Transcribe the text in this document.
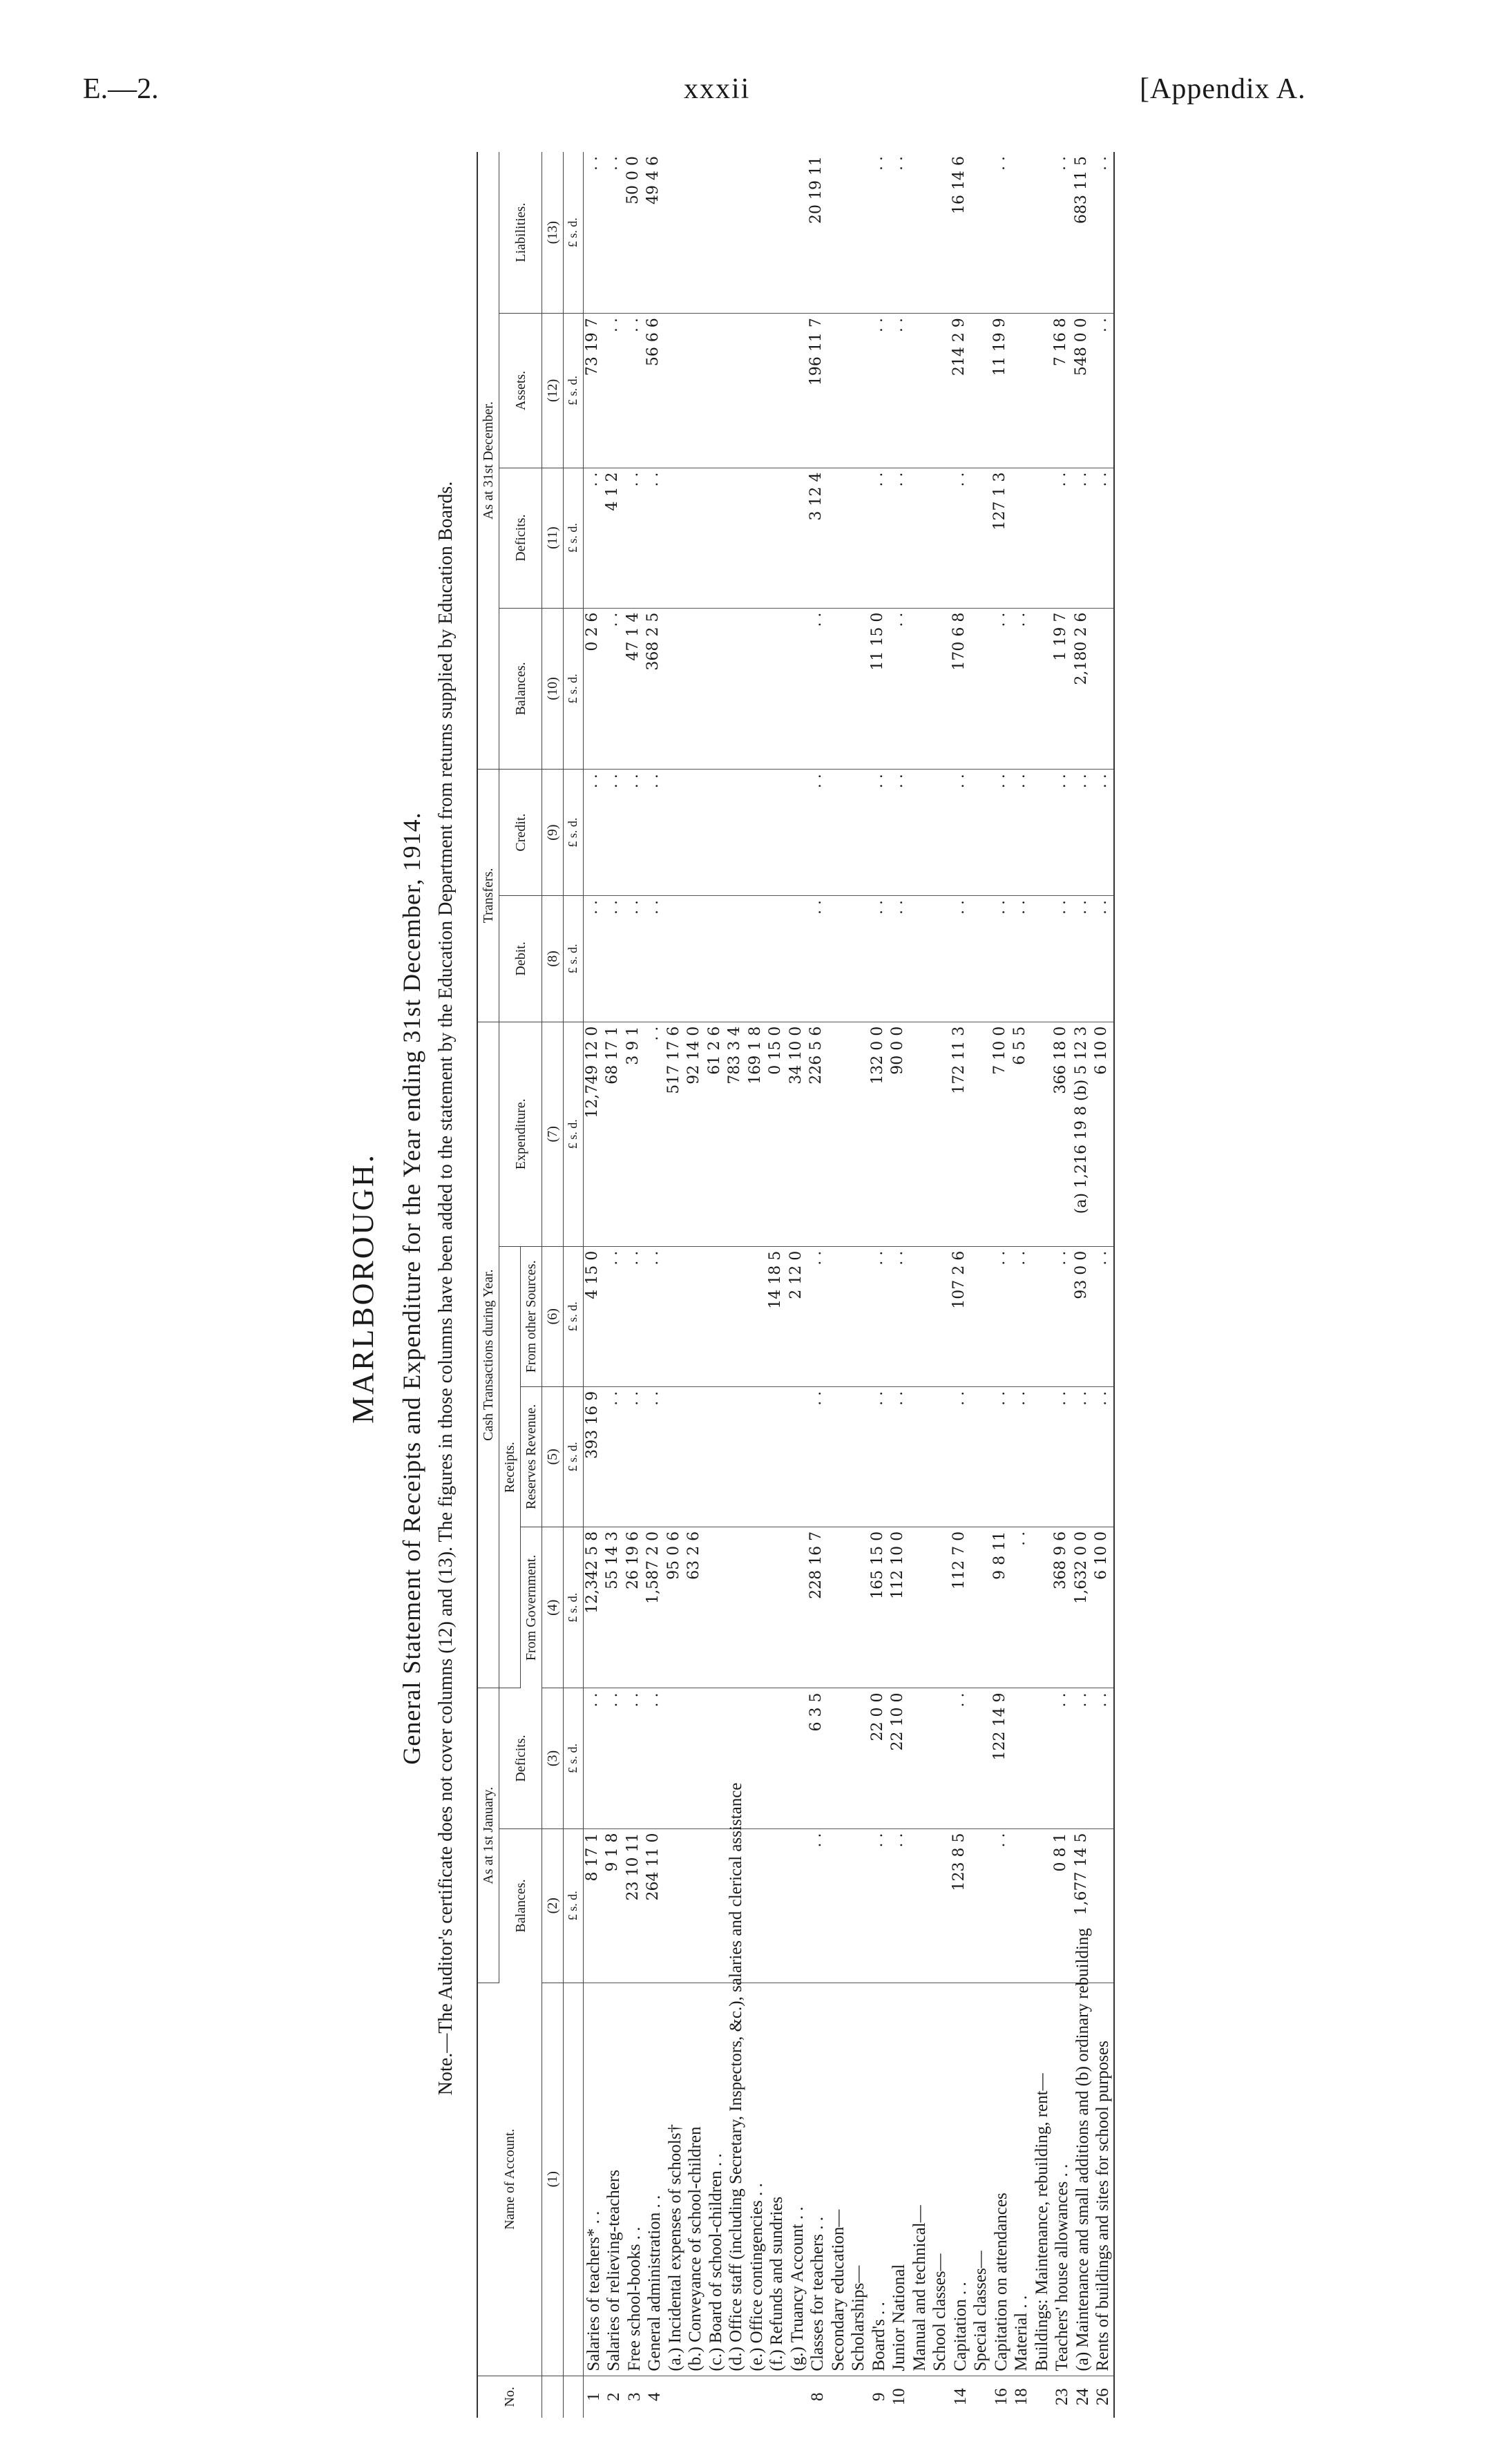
E.—2.	xxxii	[Appendix A.
MARLBOROUGH. General Statement of Receipts and Expenditure for the Year ending 31st December, 1914. Note.—The Auditor's certificate does not cover columns (12) and (13). The figures in those columns have been added to the statement by the Education Department from returns supplied by Education Boards.
No.	Name of Account.	As at 1st January.		Cash Transactions during Year.				Transfers.		As at 31st December.			
		Balances.	Deficits.	Receipts.			Expenditure.	Debit.	Credit.	Balances.	Deficits.	Assets.	Liabilities.
				From Government.	Reserves Revenue.	From other Sources.							
	(1)	(2)	(3)	(4)	(5)	(6)	(7)	(8)	(9)	(10)	(11)	(12)	(13)
		£ s. d.	£ s. d.	£ s. d.	£ s. d.	£ s. d.	£ s. d.	£ s. d.	£ s. d.	£ s. d.	£ s. d.	£ s. d.	£ s. d.
1	Salaries of teachers* . .	8 17 1	. .	12,342 5 8	393 16 9	4 15 0	12,749 12 0	. .	. .	0 2 6	. .	73 19 7	. .
2	Salaries of relieving-teachers	9 1 8	. .	55 14 3	. .	. .	68 17 1	. .	. .	. .	4 1 2	. .	. .
3	Free school-books . .	23 10 11	. .	26 19 6	. .	. .	3 9 1	. .	. .	47 1 4	. .	. .	50 0 0
4	General administration . .	264 11 0	. .	1,587 2 0	. .	. .	. .	. .	. .	368 2 5	. .	56 6 6	49 4 6
	(a.) Incidental expenses of schools†			95 0 6			517 17 6						
	(b.) Conveyance of school-children			63 2 6			92 14 0						
	(c.) Board of school-children . .						61 2 6						
	(d.) Office staff (including Secretary, Inspectors, &c.), salaries and clerical assistance						783 3 4						
	(e.) Office contingencies . .						169 1 8						
	(f.) Refunds and sundries					14 18 5	0 15 0						
	(g.) Truancy Account . .					2 12 0	34 10 0						
8	Classes for teachers . .	. .	6 3 5	228 16 7	. .	. .	226 5 6	. .	. .	. .	3 12 4	196 11 7	20 19 11
	Secondary education—												
	Scholarships—												
9	Board's . .	. .	22 0 0	165 15 0	. .	. .	132 0 0	. .	. .	11 15 0	. .	. .	. .
10	Junior National	. .	22 10 0	112 10 0	. .	. .	90 0 0	. .	. .	. .	. .	. .	. .
	Manual and technical—												
	School classes—												
14	Capitation . .	123 8 5	. .	112 7 0	. .	107 2 6	172 11 3	. .	. .	170 6 8	. .	214 2 9	16 14 6
	Special classes—												
16	Capitation on attendances	. .	122 14 9	9 8 11	. .	. .	7 10 0	. .	. .	. .	127 1 3	11 19 9	. .
18	Material . .			. .	. .	. .	6 5 5	. .	. .	. .			
	Buildings: Maintenance, rebuilding, rent—												
23	Teachers' house allowances . .	0 8 1	. .	368 9 6	. .	. .	366 18 0	. .	. .	1 19 7	. .	7 16 8	. .
24	(a) Maintenance and small additions and (b) ordinary rebuilding	1,677 14 5	. .	1,632 0 0	. .	93 0 0	(a) 1,216 19 8 (b) 5 12 3	. .	. .	2,180 2 6	. .	548 0 0	683 11 5
26	Rents of buildings and sites for school purposes		. .	6 10 0	. .	. .	6 10 0	. .	. .		. .	. .	. .
